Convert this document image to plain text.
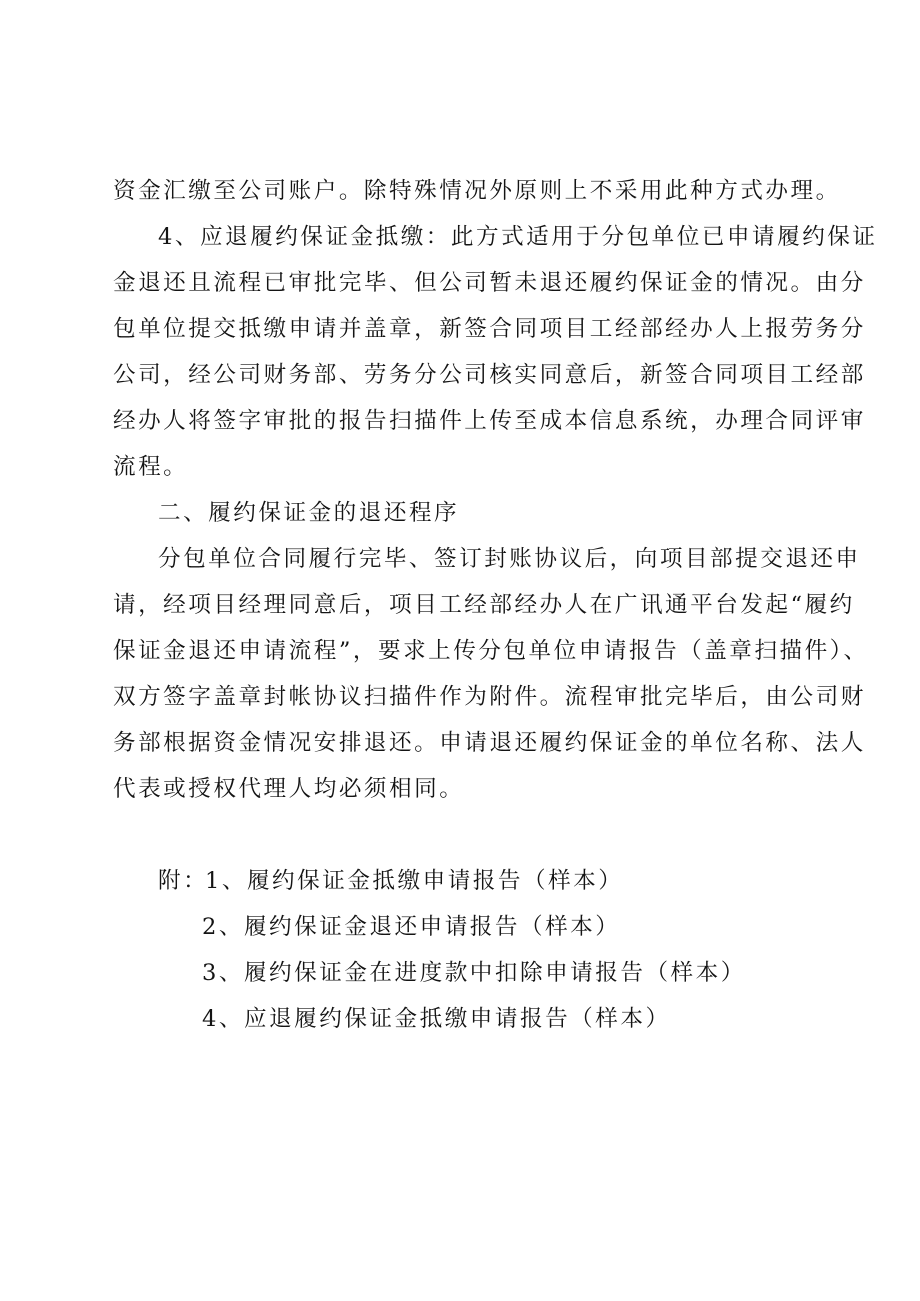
资金汇缴至公司账户。除特殊情况外原则上不采用此种方式办理。
4、应退履约保证金抵缴：此方式适用于分包单位已申请履约保证
金退还且流程已审批完毕、但公司暂未退还履约保证金的情况。由分
包单位提交抵缴申请并盖章，新签合同项目工经部经办人上报劳务分
公司，经公司财务部、劳务分公司核实同意后，新签合同项目工经部
经办人将签字审批的报告扫描件上传至成本信息系统，办理合同评审
流程。
二、履约保证金的退还程序
分包单位合同履行完毕、签订封账协议后，向项目部提交退还申
请，经项目经理同意后，项目工经部经办人在广讯通平台发起“履约
保证金退还申请流程”，要求上传分包单位申请报告（盖章扫描件）、
双方签字盖章封帐协议扫描件作为附件。流程审批完毕后，由公司财
务部根据资金情况安排退还。申请退还履约保证金的单位名称、法人
代表或授权代理人均必须相同。
附：
1、履约保证金抵缴申请报告（样本）
2、履约保证金退还申请报告（样本）
3、履约保证金在进度款中扣除申请报告（样本）
4、应退履约保证金抵缴申请报告（样本）
